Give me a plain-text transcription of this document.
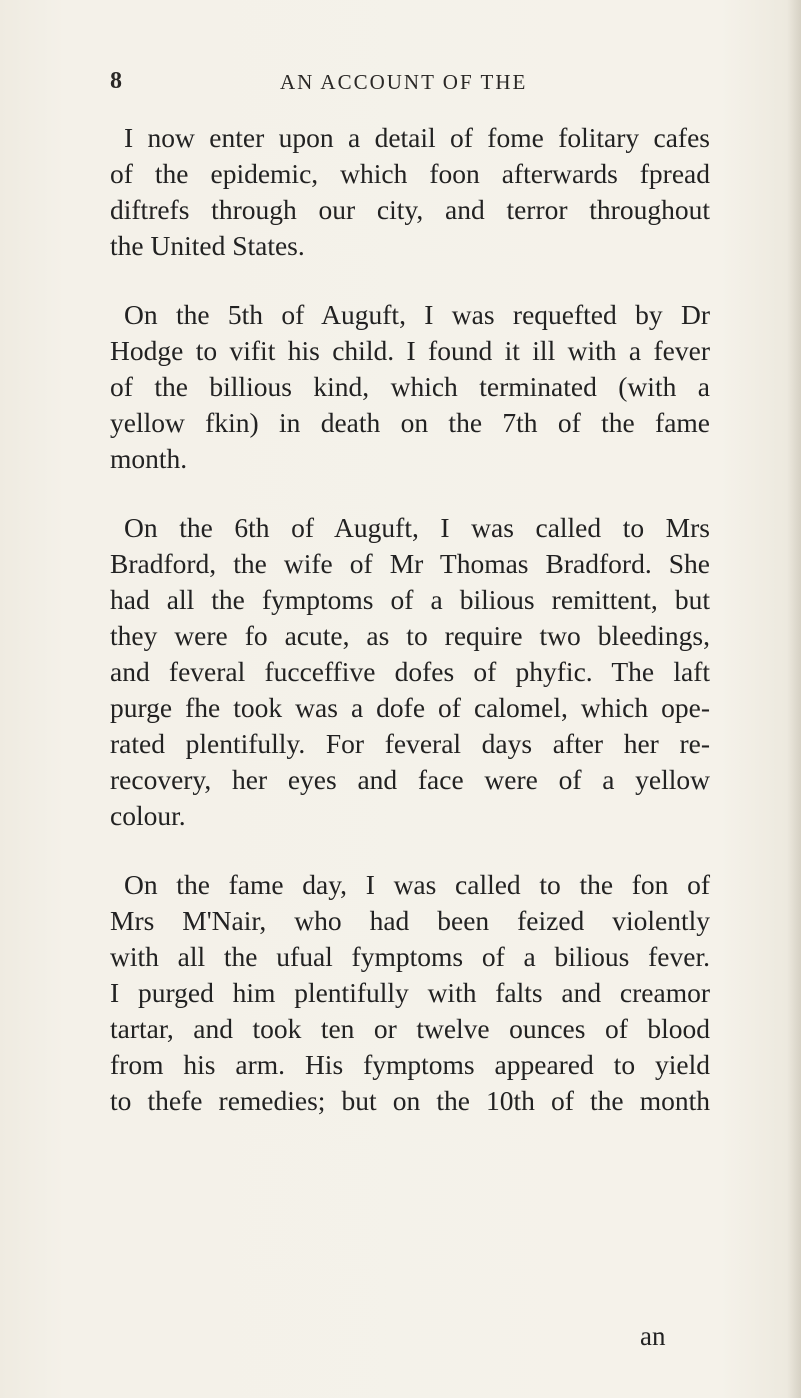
8	AN ACCOUNT OF THE

I now enter upon a detail of fome folitary cafes
of the epidemic, which foon afterwards fpread
diftrefs through our city, and terror throughout
the United States.

On the 5th of Auguft, I was requefted by Dr
Hodge to vifit his child. I found it ill with a fever
of the billious kind, which terminated (with a
yellow fkin) in death on the 7th of the fame
month.

On the 6th of Auguft, I was called to Mrs
Bradford, the wife of Mr Thomas Bradford. She
had all the fymptoms of a bilious remittent, but
they were fo acute, as to require two bleedings,
and feveral fucceffive dofes of phyfic. The laft
purge fhe took was a dofe of calomel, which ope-
rated plentifully. For feveral days after her re-
recovery, her eyes and face were of a yellow
colour.

On the fame day, I was called to the fon of
Mrs M'Nair, who had been feized violently
with all the ufual fymptoms of a bilious fever.
I purged him plentifully with falts and creamor
tartar, and took ten or twelve ounces of blood
from his arm. His fymptoms appeared to yield
to thefe remedies; but on the 10th of the month

an
